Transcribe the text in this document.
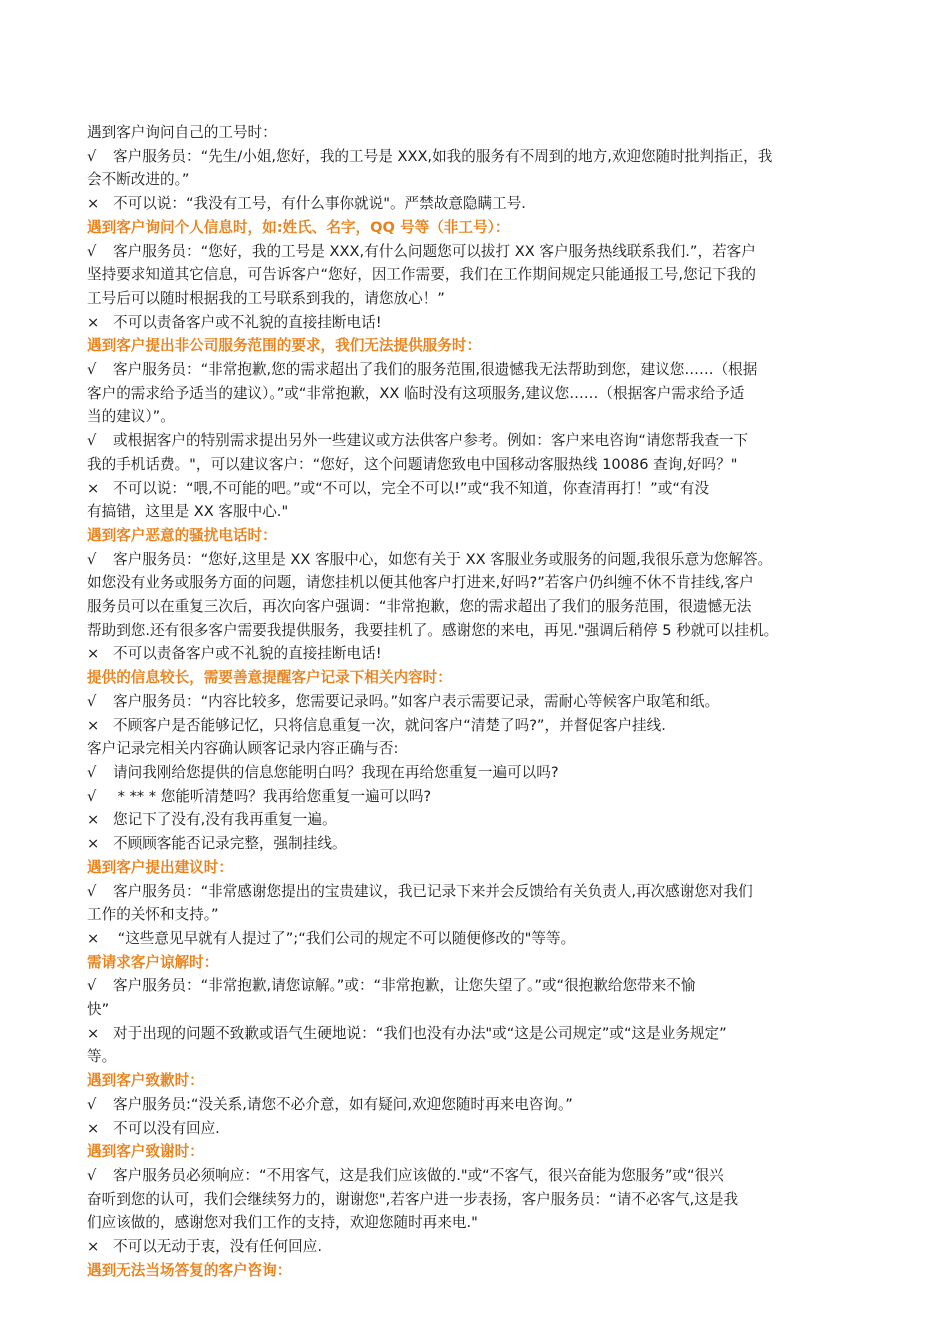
遇到客户询问自己的工号时：
√ 客户服务员：“先生/小姐,您好，我的工号是 XXX,如我的服务有不周到的地方,欢迎您随时批判指正，我
会不断改进的。”
× 不可以说：“我没有工号，有什么事你就说"。严禁故意隐瞒工号.
遇到客户询问个人信息时，如:姓氏、名字，QQ 号等（非工号）：
√ 客户服务员：“您好，我的工号是 XXX,有什么问题您可以拔打 XX 客户服务热线联系我们.”，若客户
坚持要求知道其它信息，可告诉客户“您好，因工作需要，我们在工作期间规定只能通报工号,您记下我的
工号后可以随时根据我的工号联系到我的，请您放心！”
× 不可以责备客户或不礼貌的直接挂断电话!
遇到客户提出非公司服务范围的要求，我们无法提供服务时：
√ 客户服务员：“非常抱歉,您的需求超出了我们的服务范围,很遗憾我无法帮助到您，建议您……（根据
客户的需求给予适当的建议）。”或“非常抱歉，XX 临时没有这项服务,建议您……（根据客户需求给予适
当的建议）”。
√ 或根据客户的特别需求提出另外一些建议或方法供客户参考。例如：客户来电咨询“请您帮我查一下
我的手机话费。"，可以建议客户：“您好，这个问题请您致电中国移动客服热线 10086 查询,好吗？"
× 不可以说：“喂,不可能的吧。”或“不可以，完全不可以!”或“我不知道，你查清再打！”或“有没
有搞错，这里是 XX 客服中心."
遇到客户恶意的骚扰电话时：
√ 客户服务员：“您好,这里是 XX 客服中心，如您有关于 XX 客服业务或服务的问题,我很乐意为您解答。
如您没有业务或服务方面的问题，请您挂机以便其他客户打进来,好吗?”若客户仍纠缠不休不肯挂线,客户
服务员可以在重复三次后，再次向客户强调：“非常抱歉，您的需求超出了我们的服务范围，很遗憾无法
帮助到您.还有很多客户需要我提供服务，我要挂机了。感谢您的来电，再见."强调后稍停 5 秒就可以挂机。
× 不可以责备客户或不礼貌的直接挂断电话!
提供的信息较长，需要善意提醒客户记录下相关内容时：
√ 客户服务员：“内容比较多，您需要记录吗。”如客户表示需要记录，需耐心等候客户取笔和纸。
× 不顾客户是否能够记忆，只将信息重复一次，就问客户“清楚了吗?”，并督促客户挂线.
客户记录完相关内容确认顾客记录内容正确与否:
√ 请问我刚给您提供的信息您能明白吗？我现在再给您重复一遍可以吗?
√ * ** * 您能听清楚吗？我再给您重复一遍可以吗?
× 您记下了没有,没有我再重复一遍。
× 不顾顾客能否记录完整，强制挂线。
遇到客户提出建议时：
√ 客户服务员：“非常感谢您提出的宝贵建议，我已记录下来并会反馈给有关负责人,再次感谢您对我们
工作的关怀和支持。”
× “这些意见早就有人提过了”;“我们公司的规定不可以随便修改的"等等。
需请求客户谅解时：
√ 客户服务员：“非常抱歉,请您谅解。”或：“非常抱歉，让您失望了。”或“很抱歉给您带来不愉
快”
× 对于出现的问题不致歉或语气生硬地说：“我们也没有办法"或“这是公司规定”或“这是业务规定”
等。
遇到客户致歉时：
√ 客户服务员:“没关系,请您不必介意，如有疑问,欢迎您随时再来电咨询。”
× 不可以没有回应.
遇到客户致谢时：
√ 客户服务员必须响应：“不用客气，这是我们应该做的."或“不客气，很兴奋能为您服务”或“很兴
奋听到您的认可，我们会继续努力的，谢谢您",若客户进一步表扬，客户服务员：“请不必客气,这是我
们应该做的，感谢您对我们工作的支持，欢迎您随时再来电."
× 不可以无动于衷，没有任何回应.
遇到无法当场答复的客户咨询：
